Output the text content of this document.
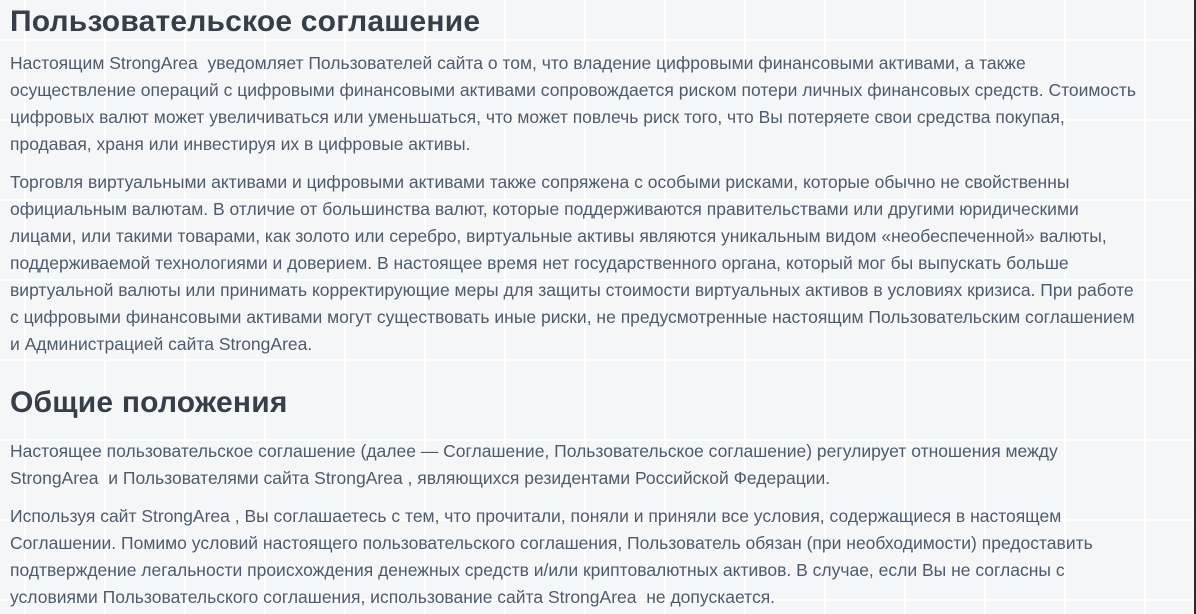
Пользовательское соглашение

Настоящим StrongArea  уведомляет Пользователей сайта о том, что владение цифровыми финансовыми активами, а также осуществление операций с цифровыми финансовыми активами сопровождается риском потери личных финансовых средств. Стоимость цифровых валют может увеличиваться или уменьшаться, что может повлечь риск того, что Вы потеряете свои средства покупая, продавая, храня или инвестируя их в цифровые активы.

Торговля виртуальными активами и цифровыми активами также сопряжена с особыми рисками, которые обычно не свойственны официальным валютам. В отличие от большинства валют, которые поддерживаются правительствами или другими юридическими лицами, или такими товарами, как золото или серебро, виртуальные активы являются уникальным видом «необеспеченной» валюты, поддерживаемой технологиями и доверием. В настоящее время нет государственного органа, который мог бы выпускать больше виртуальной валюты или принимать корректирующие меры для защиты стоимости виртуальных активов в условиях кризиса. При работе с цифровыми финансовыми активами могут существовать иные риски, не предусмотренные настоящим Пользовательским соглашением и Администрацией сайта StrongArea.

Общие положения

Настоящее пользовательское соглашение (далее — Соглашение, Пользовательское соглашение) регулирует отношения между StrongArea  и Пользователями сайта StrongArea , являющихся резидентами Российской Федерации.

Используя сайт StrongArea , Вы соглашаетесь с тем, что прочитали, поняли и приняли все условия, содержащиеся в настоящем Соглашении. Помимо условий настоящего пользовательского соглашения, Пользователь обязан (при необходимости) предоставить подтверждение легальности происхождения денежных средств и/или криптовалютных активов. В случае, если Вы не согласны с условиями Пользовательского соглашения, использование сайта StrongArea  не допускается.
